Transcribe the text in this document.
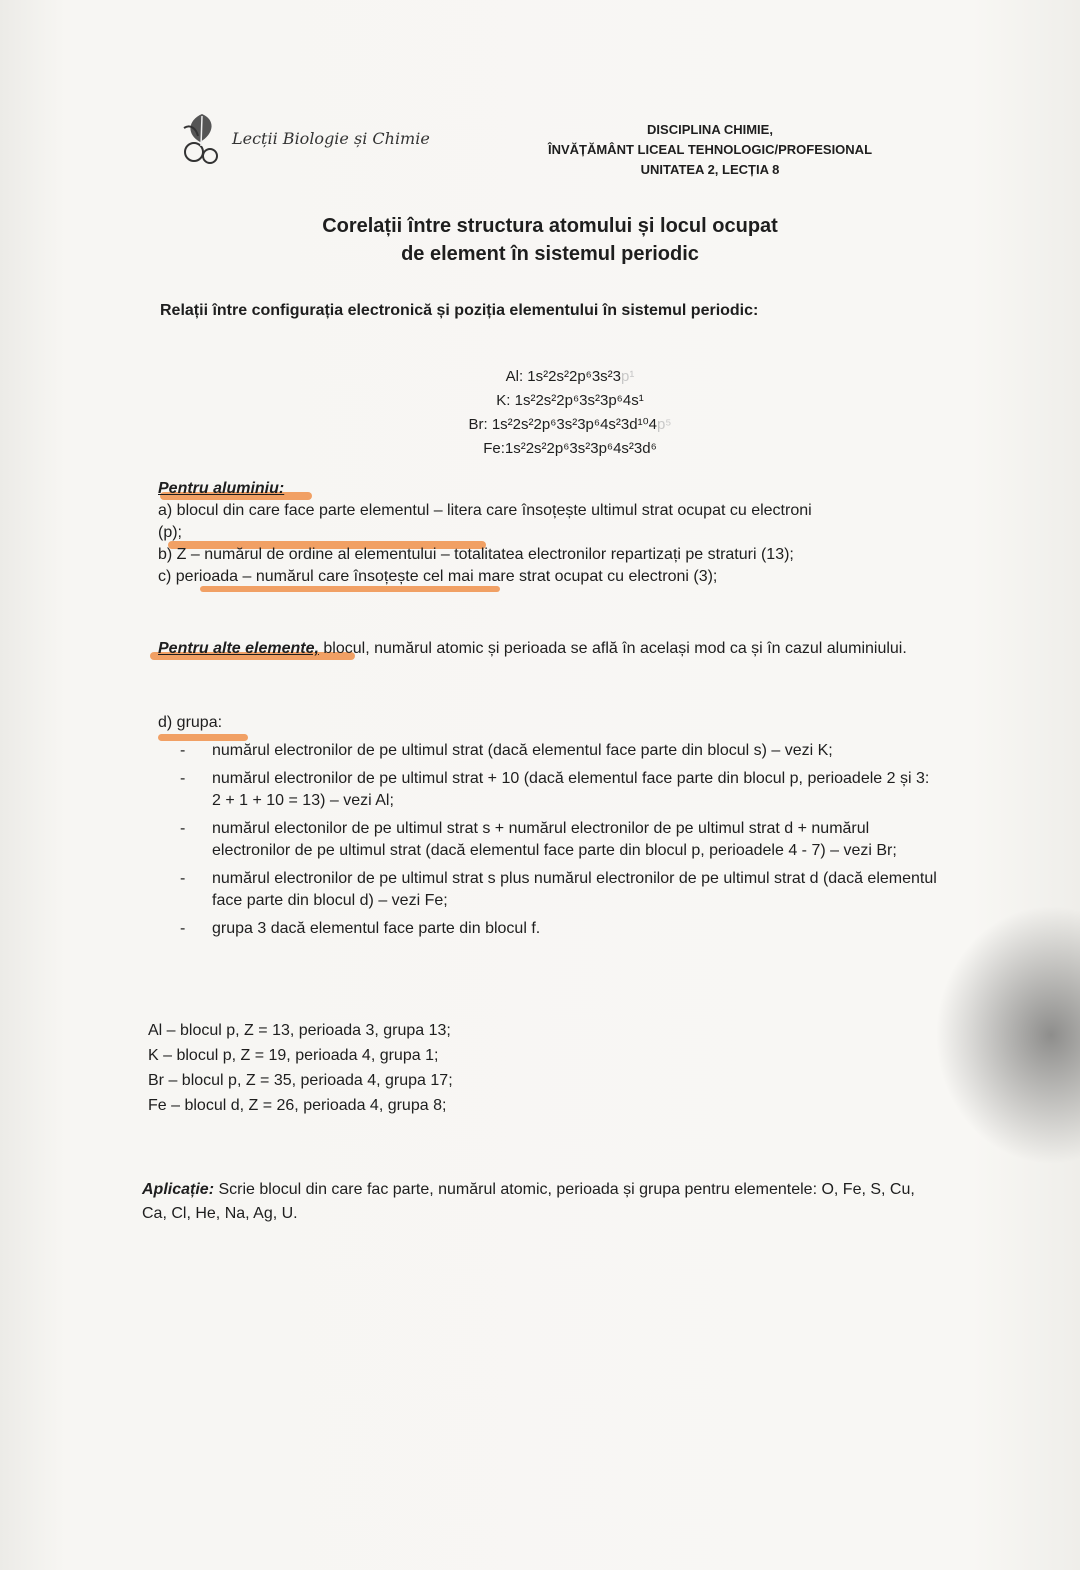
Lecții Biologie și Chimie	DISCIPLINA CHIMIE,
ÎNVĂȚĂMÂNT LICEAL TEHNOLOGIC/PROFESIONAL
UNITATEA 2, LECȚIA 8
Corelații între structura atomului și locul ocupat
de element în sistemul periodic
Relații între configurația electronică și poziția elementului în sistemul periodic:
Al: 1s²2s²2p⁶3s²3p¹
K: 1s²2s²2p⁶3s²3p⁶4s¹
Br: 1s²2s²2p⁶3s²3p⁶4s²3d¹⁰4p⁵
Fe:1s²2s²2p⁶3s²3p⁶4s²3d⁶
Pentru aluminiu:
a) blocul din care face parte elementul – litera care însoțește ultimul strat ocupat cu electroni
(p);
b) Z – numărul de ordine al elementului – totalitatea electronilor repartizați pe straturi (13);
c) perioada – numărul care însoțește cel mai mare strat ocupat cu electroni (3);
Pentru alte elemente, blocul, numărul atomic și perioada se află în același mod ca și în cazul aluminiului.
d) grupa:
-	numărul electronilor de pe ultimul strat (dacă elementul face parte din blocul s) – vezi K;
-	numărul electronilor de pe ultimul strat + 10 (dacă elementul face parte din blocul p, perioadele 2 și 3: 2 + 1 + 10 = 13) – vezi Al;
-	numărul electonilor de pe ultimul strat s + numărul electronilor de pe ultimul strat d + numărul electronilor de pe ultimul strat (dacă elementul face parte din blocul p, perioadele 4 - 7) – vezi Br;
-	numărul electronilor de pe ultimul strat s plus numărul electronilor de pe ultimul strat d (dacă elementul face parte din blocul d) – vezi Fe;
-	grupa 3 dacă elementul face parte din blocul f.
Al – blocul p, Z = 13, perioada 3, grupa 13;
K – blocul p, Z = 19, perioada 4, grupa 1;
Br – blocul p, Z = 35, perioada 4, grupa 17;
Fe – blocul d, Z = 26, perioada 4, grupa 8;
Aplicație: Scrie blocul din care fac parte, numărul atomic, perioada și grupa pentru elementele: O, Fe, S, Cu, Ca, Cl, He, Na, Ag, U.
